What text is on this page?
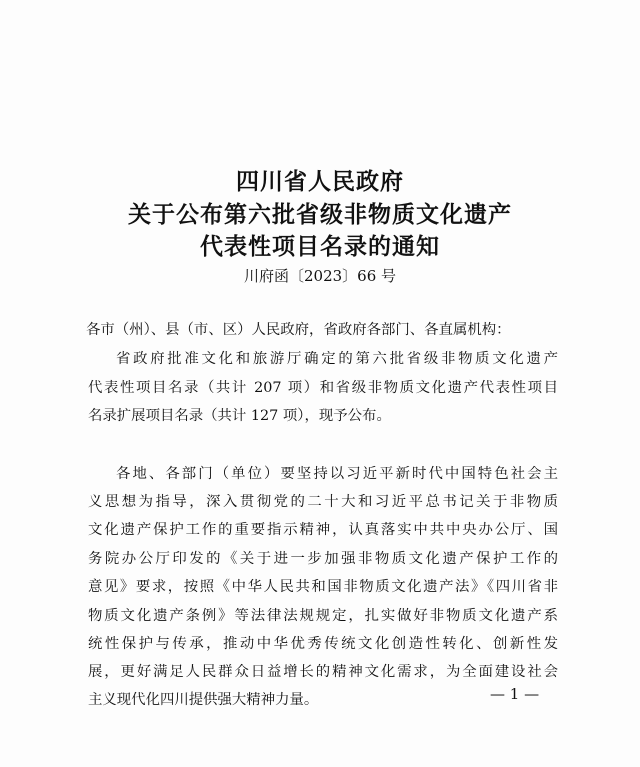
四川省人民政府
关于公布第六批省级非物质文化遗产
代表性项目名录的通知
川府函〔2023〕66 号
各市（州）、县（市、区）人民政府，省政府各部门、各直属机构：
省政府批准文化和旅游厅确定的第六批省级非物质文化遗产
代表性项目名录（共计 207 项）和省级非物质文化遗产代表性项目
名录扩展项目名录（共计 127 项），现予公布。
各地、各部门（单位）要坚持以习近平新时代中国特色社会主
义思想为指导，深入贯彻党的二十大和习近平总书记关于非物质
文化遗产保护工作的重要指示精神，认真落实中共中央办公厅、国
务院办公厅印发的《关于进一步加强非物质文化遗产保护工作的
意见》要求，按照《中华人民共和国非物质文化遗产法》《四川省非
物质文化遗产条例》等法律法规规定，扎实做好非物质文化遗产系
统性保护与传承，推动中华优秀传统文化创造性转化、创新性发
展，更好满足人民群众日益增长的精神文化需求，为全面建设社会
主义现代化四川提供强大精神力量。	— 1 —
